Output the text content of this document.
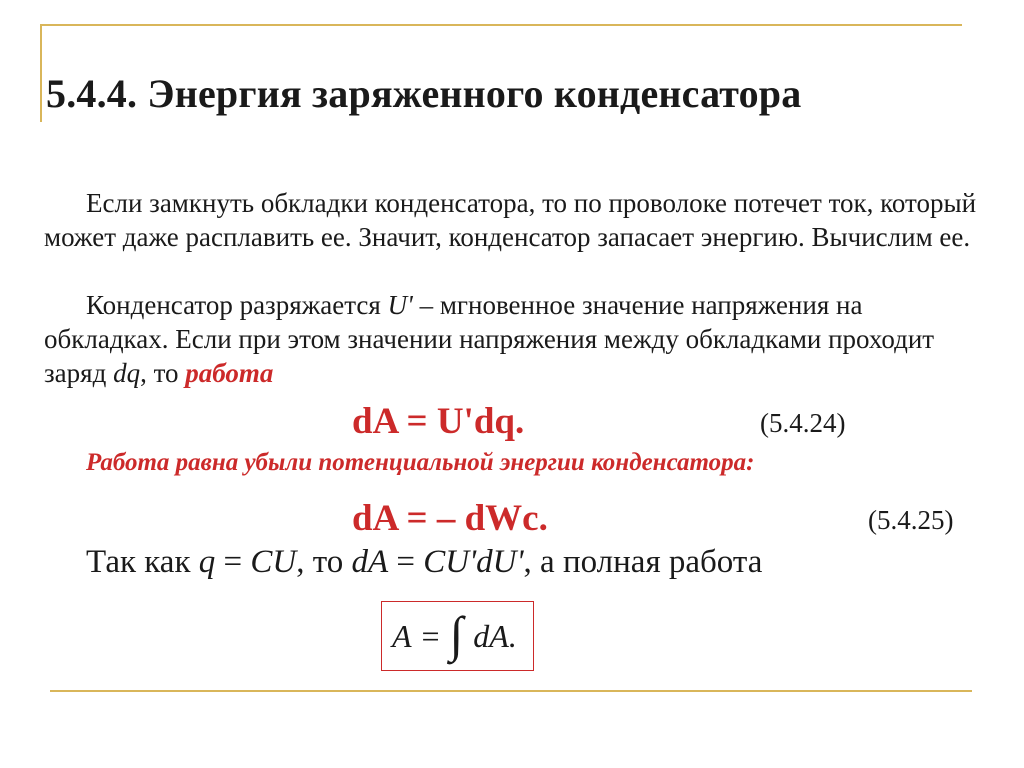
5.4.4. Энергия заряженного конденсатора
Если замкнуть обкладки конденсатора, то по проволоке потечет ток, который может даже расплавить ее. Значит, конденсатор запасает энергию. Вычислим ее.
Конденсатор разряжается U' – мгновенное значение напряжения на обкладках. Если при этом значении напряжения между обкладками проходит заряд dq, то работа
dA = U'dq.	(5.4.24)
Работа равна убыли потенциальной энергии конденсатора:
dA = – dWc.	(5.4.25)
Так как q = CU, то dA = CU'dU', а полная работа
A = ∫ dA.
